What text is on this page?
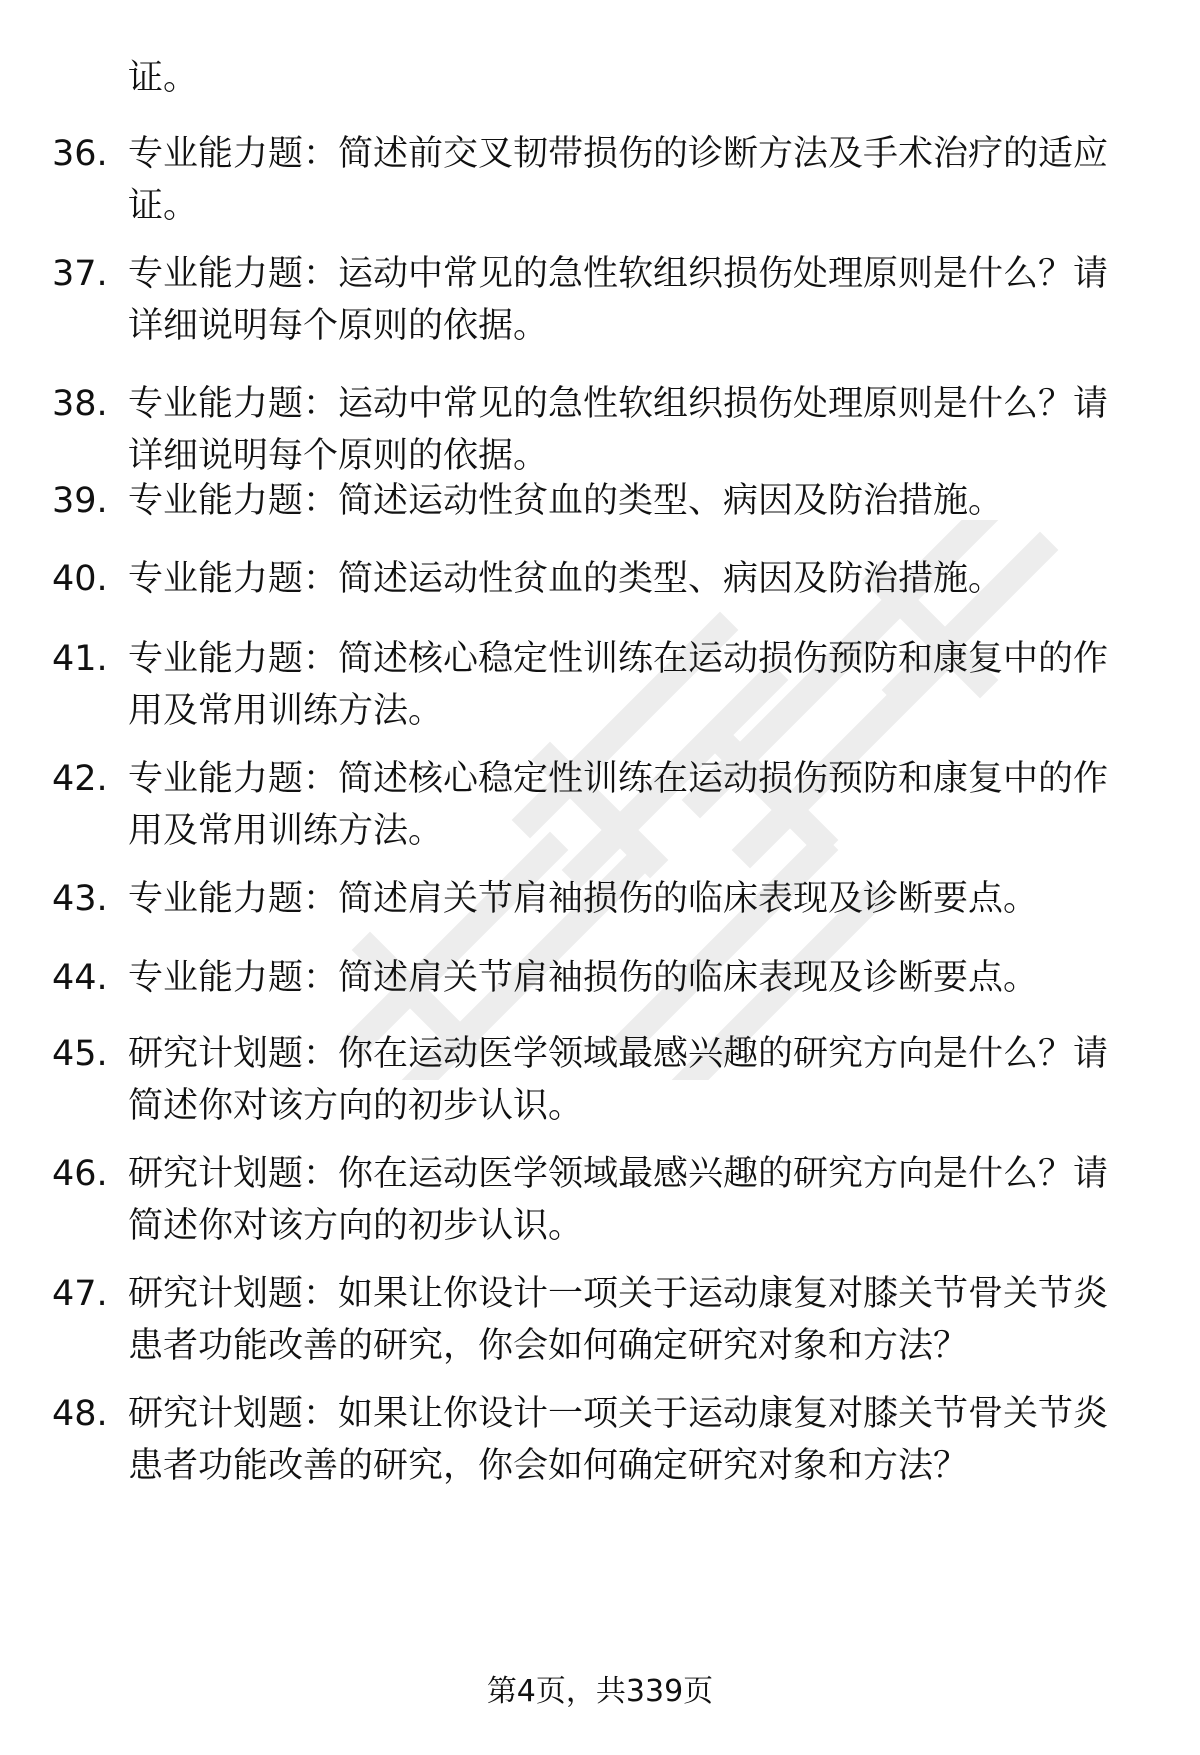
证。
36. 专业能力题：简述前交叉韧带损伤的诊断方法及手术治疗的适应
证。
37. 专业能力题：运动中常见的急性软组织损伤处理原则是什么？请
详细说明每个原则的依据。
38. 专业能力题：运动中常见的急性软组织损伤处理原则是什么？请
详细说明每个原则的依据。
39. 专业能力题：简述运动性贫血的类型、病因及防治措施。
40. 专业能力题：简述运动性贫血的类型、病因及防治措施。
41. 专业能力题：简述核心稳定性训练在运动损伤预防和康复中的作
用及常用训练方法。
42. 专业能力题：简述核心稳定性训练在运动损伤预防和康复中的作
用及常用训练方法。
43. 专业能力题：简述肩关节肩袖损伤的临床表现及诊断要点。
44. 专业能力题：简述肩关节肩袖损伤的临床表现及诊断要点。
45. 研究计划题：你在运动医学领域最感兴趣的研究方向是什么？请
简述你对该方向的初步认识。
46. 研究计划题：你在运动医学领域最感兴趣的研究方向是什么？请
简述你对该方向的初步认识。
47. 研究计划题：如果让你设计一项关于运动康复对膝关节骨关节炎
患者功能改善的研究，你会如何确定研究对象和方法？
48. 研究计划题：如果让你设计一项关于运动康复对膝关节骨关节炎
患者功能改善的研究，你会如何确定研究对象和方法？
第4页，共339页
